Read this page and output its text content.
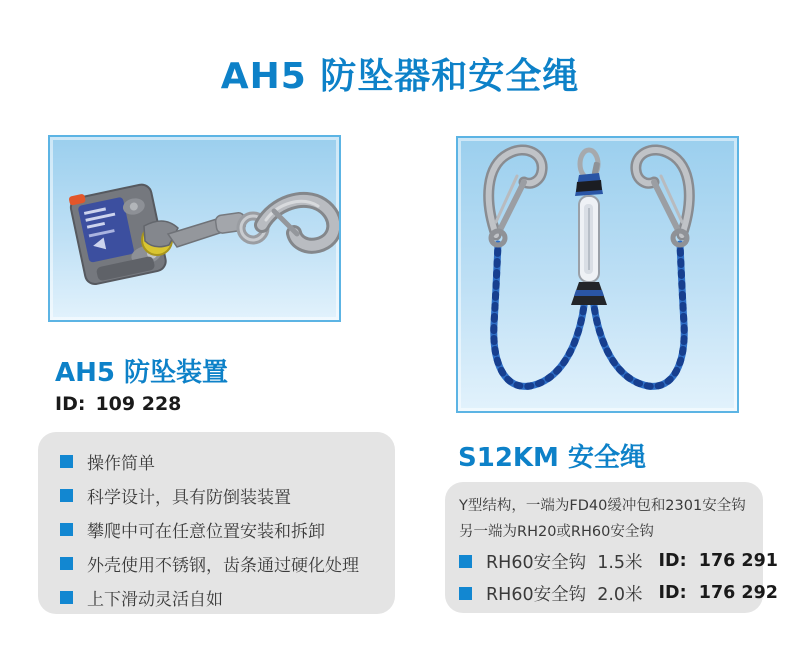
AH5 防坠器和安全绳
AH5 防坠装置
ID: 109 228
操作简单
科学设计，具有防倒装装置
攀爬中可在任意位置安装和拆卸
外壳使用不锈钢，齿条通过硬化处理
上下滑动灵活自如
S12KM 安全绳

Y型结构，一端为FD40缓冲包和2301安全钩

另一端为RH20或RH60安全钩

RH60安全钩  1.5米 ID: 176 291
RH60安全钩  2.0米 ID: 176 292
